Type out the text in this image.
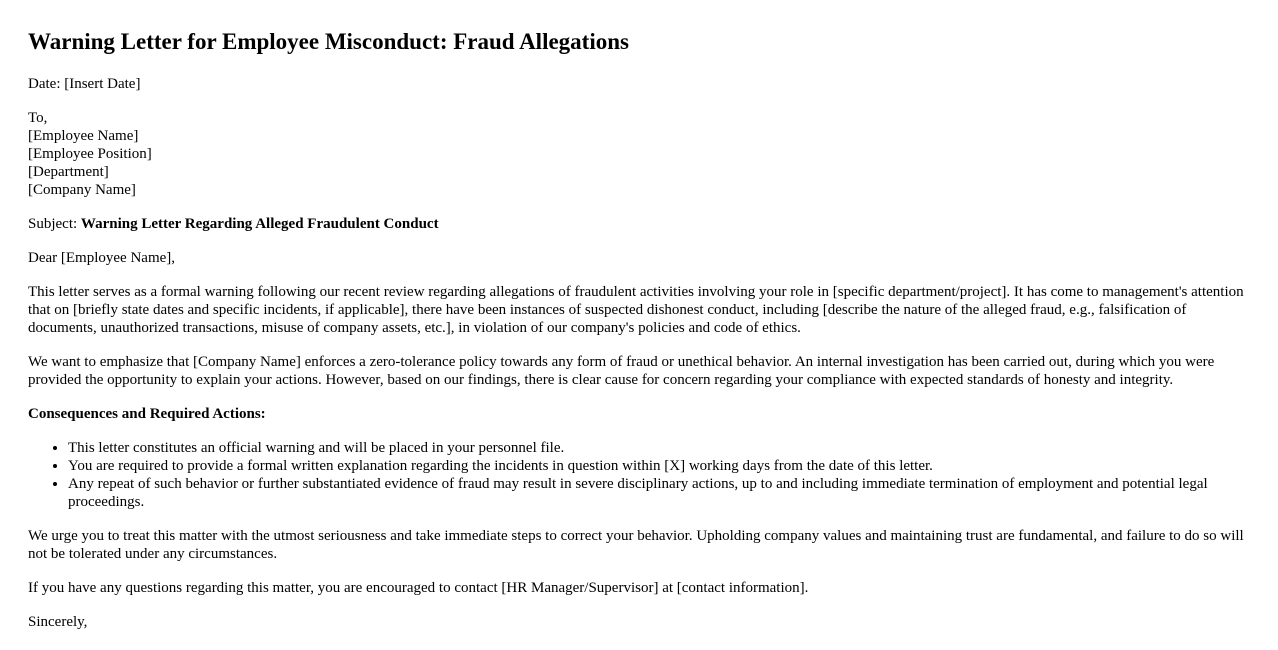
Warning Letter for Employee Misconduct: Fraud Allegations

Date: [Insert Date]

To,
[Employee Name]
[Employee Position]
[Department]
[Company Name]

Subject: Warning Letter Regarding Alleged Fraudulent Conduct

Dear [Employee Name],

This letter serves as a formal warning following our recent review regarding allegations of fraudulent activities involving your role in [specific department/project]. It has come to management's attention that on [briefly state dates and specific incidents, if applicable], there have been instances of suspected dishonest conduct, including [describe the nature of the alleged fraud, e.g., falsification of documents, unauthorized transactions, misuse of company assets, etc.], in violation of our company's policies and code of ethics.

We want to emphasize that [Company Name] enforces a zero-tolerance policy towards any form of fraud or unethical behavior. An internal investigation has been carried out, during which you were provided the opportunity to explain your actions. However, based on our findings, there is clear cause for concern regarding your compliance with expected standards of honesty and integrity.

Consequences and Required Actions:

• This letter constitutes an official warning and will be placed in your personnel file.
• You are required to provide a formal written explanation regarding the incidents in question within [X] working days from the date of this letter.
• Any repeat of such behavior or further substantiated evidence of fraud may result in severe disciplinary actions, up to and including immediate termination of employment and potential legal proceedings.

We urge you to treat this matter with the utmost seriousness and take immediate steps to correct your behavior. Upholding company values and maintaining trust are fundamental, and failure to do so will not be tolerated under any circumstances.

If you have any questions regarding this matter, you are encouraged to contact [HR Manager/Supervisor] at [contact information].

Sincerely,
